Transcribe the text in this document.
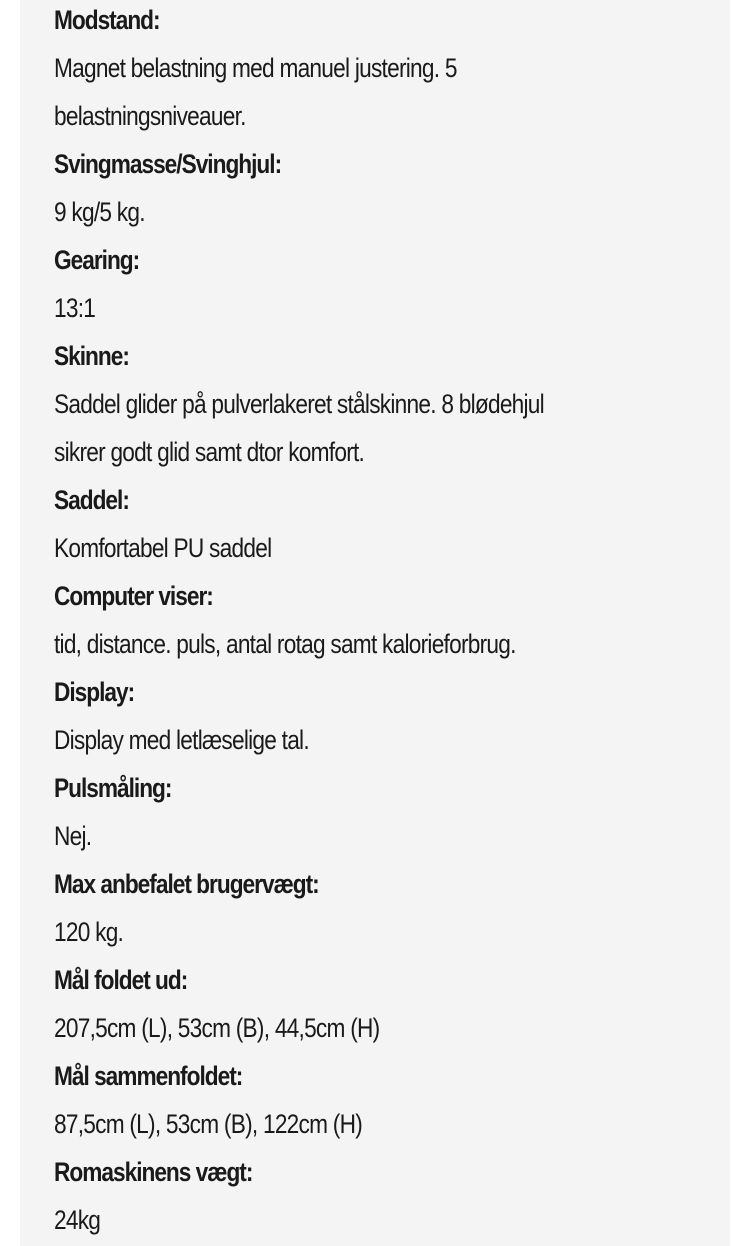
Modstand:
Magnet belastning med manuel justering. 5
belastningsniveauer.
Svingmasse/Svinghjul:
9 kg/5 kg.
Gearing:
13:1
Skinne:
Saddel glider på pulverlakeret stålskinne. 8 blødehjul
sikrer godt glid samt dtor komfort.
Saddel:
Komfortabel PU saddel
Computer viser:
tid, distance. puls, antal rotag samt kalorieforbrug.
Display:
Display med letlæselige tal.
Pulsmåling:
Nej.
Max anbefalet brugervægt:
120 kg.
Mål foldet ud:
207,5cm (L), 53cm (B), 44,5cm (H)
Mål sammenfoldet:
87,5cm (L), 53cm (B), 122cm (H)
Romaskinens vægt:
24kg
